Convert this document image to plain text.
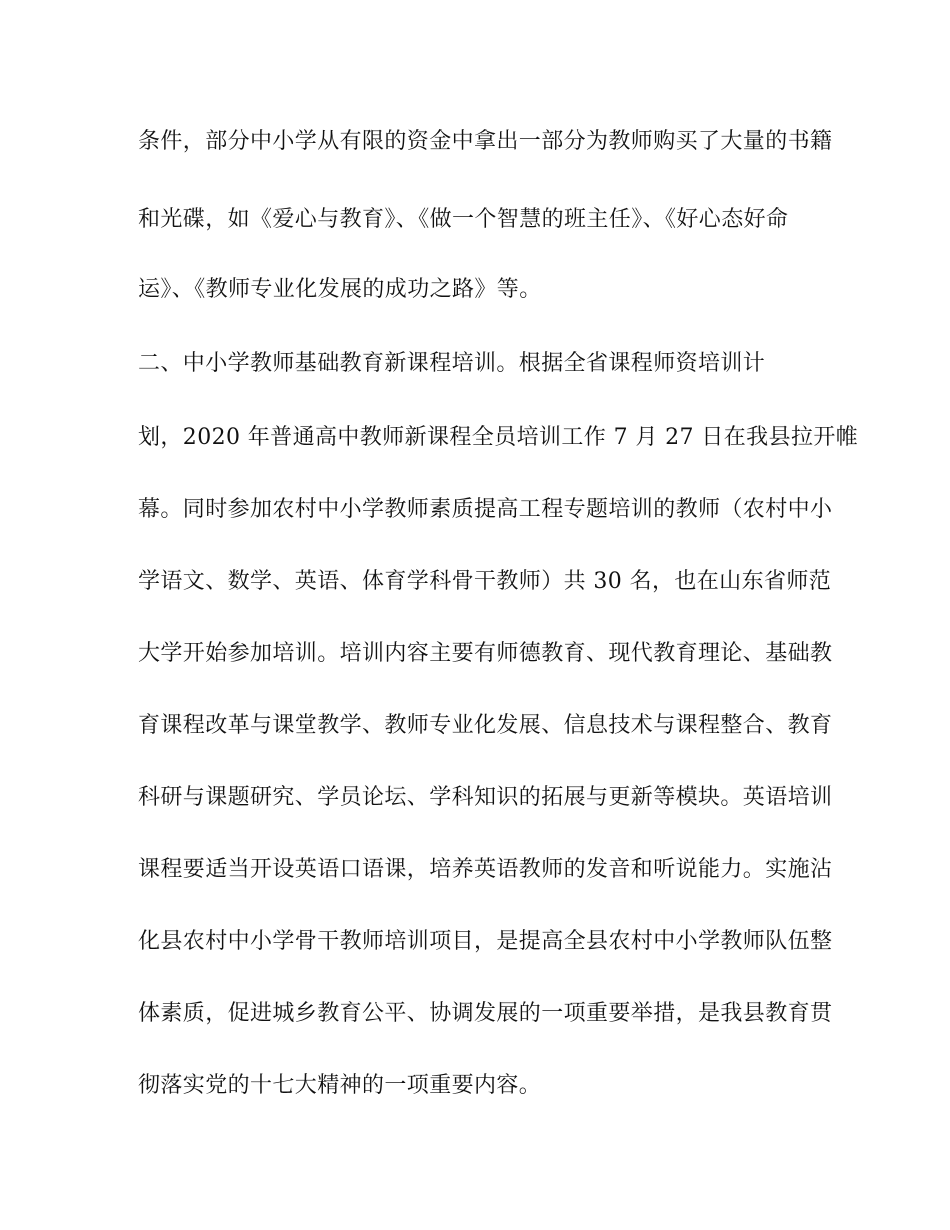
条件，部分中小学从有限的资金中拿出一部分为教师购买了大量的书籍
和光碟，如《爱心与教育》、《做一个智慧的班主任》、《好心态好命
运》、《教师专业化发展的成功之路》等。
二、中小学教师基础教育新课程培训。根据全省课程师资培训计
划，2020 年普通高中教师新课程全员培训工作 7 月 27 日在我县拉开帷
幕。同时参加农村中小学教师素质提高工程专题培训的教师（农村中小
学语文、数学、英语、体育学科骨干教师）共 30 名，也在山东省师范
大学开始参加培训。培训内容主要有师德教育、现代教育理论、基础教
育课程改革与课堂教学、教师专业化发展、信息技术与课程整合、教育
科研与课题研究、学员论坛、学科知识的拓展与更新等模块。英语培训
课程要适当开设英语口语课，培养英语教师的发音和听说能力。实施沾
化县农村中小学骨干教师培训项目，是提高全县农村中小学教师队伍整
体素质，促进城乡教育公平、协调发展的一项重要举措，是我县教育贯
彻落实党的十七大精神的一项重要内容。
